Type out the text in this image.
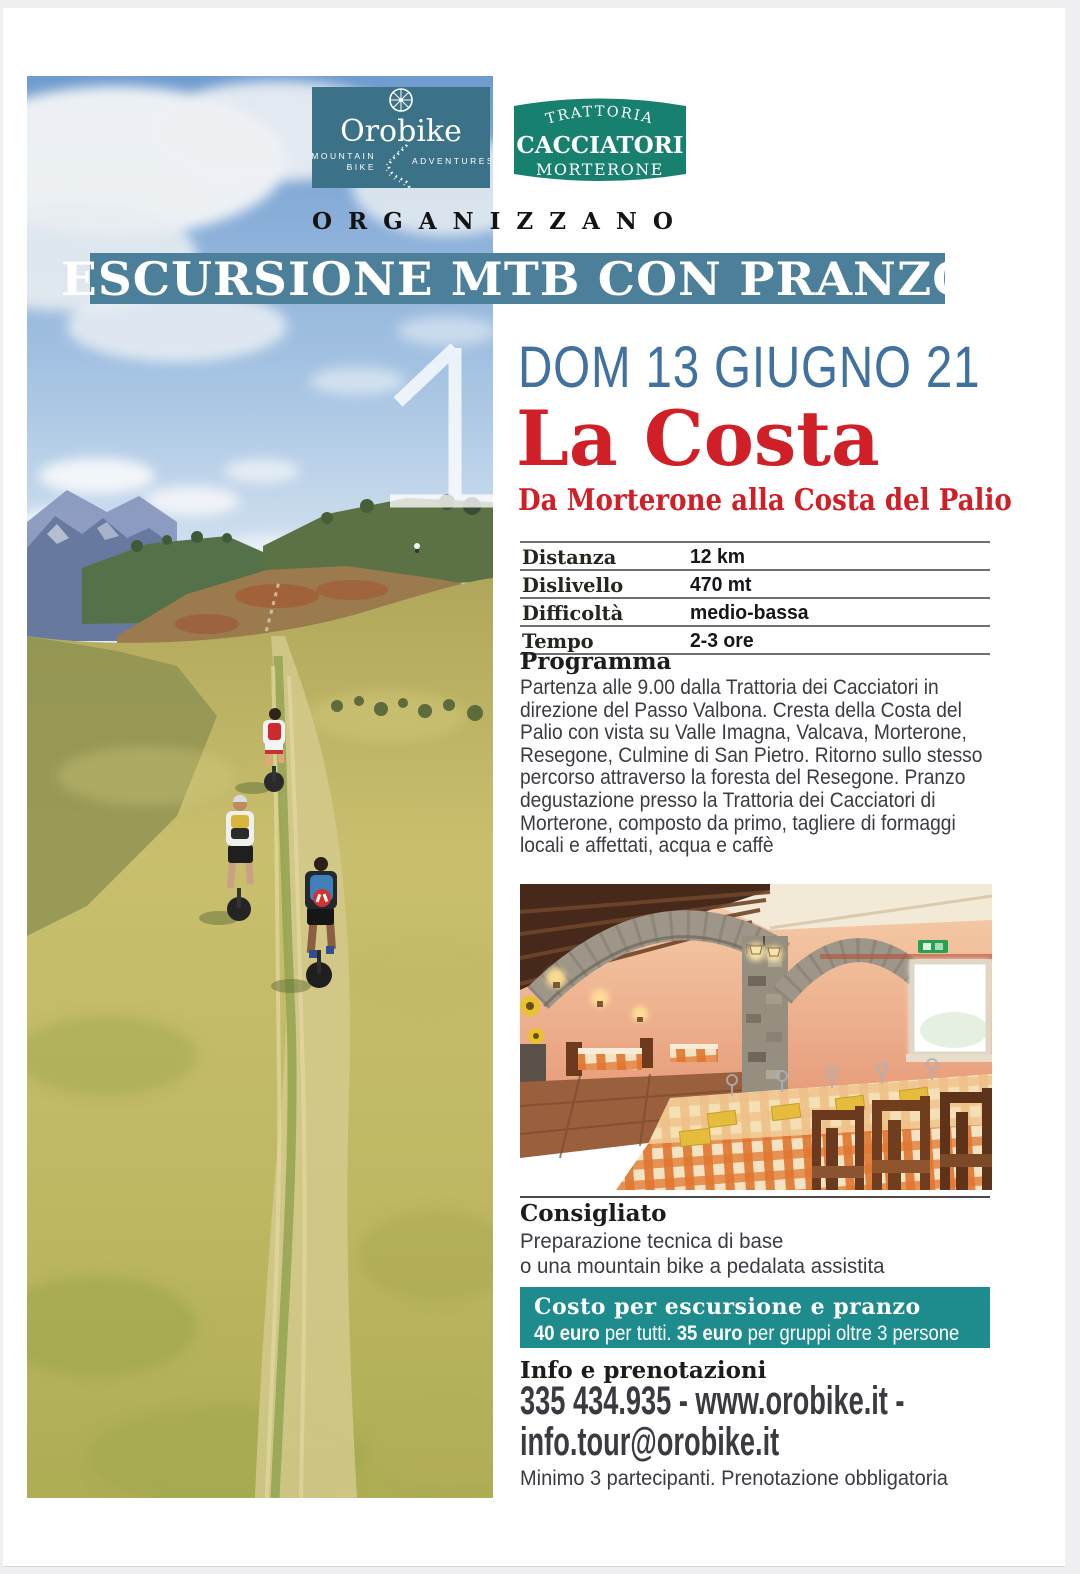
Orobike
MOUNTAIN
BIKE
ADVENTURES
TRATTORIA
CACCIATORI
MORTERONE
ORGANIZZANO
ESCURSIONE MTB CON PRANZO
DOM 13 GIUGNO 21
La Costa
Da Morterone alla Costa del Palio
Distanza	12 km
Dislivello	470 mt
Difficoltà	medio-bassa
Tempo	2-3 ore
Programma
Partenza alle 9.00 dalla Trattoria dei Cacciatori in direzione del Passo Valbona. Cresta della Costa del Palio con vista su Valle Imagna, Valcava, Morterone, Resegone, Culmine di San Pietro. Ritorno sullo stesso percorso attraverso la foresta del Resegone. Pranzo degustazione presso la Trattoria dei Cacciatori di Morterone, composto da primo, tagliere di formaggi locali e affettati, acqua e caffè
Consigliato
Preparazione tecnica di base
o una mountain bike a pedalata assistita
Costo per escursione e pranzo
40 euro per tutti. 35 euro per gruppi oltre 3 persone
Info e prenotazioni
335 434.935 - www.orobike.it - info.tour@orobike.it
Minimo 3 partecipanti. Prenotazione obbligatoria
